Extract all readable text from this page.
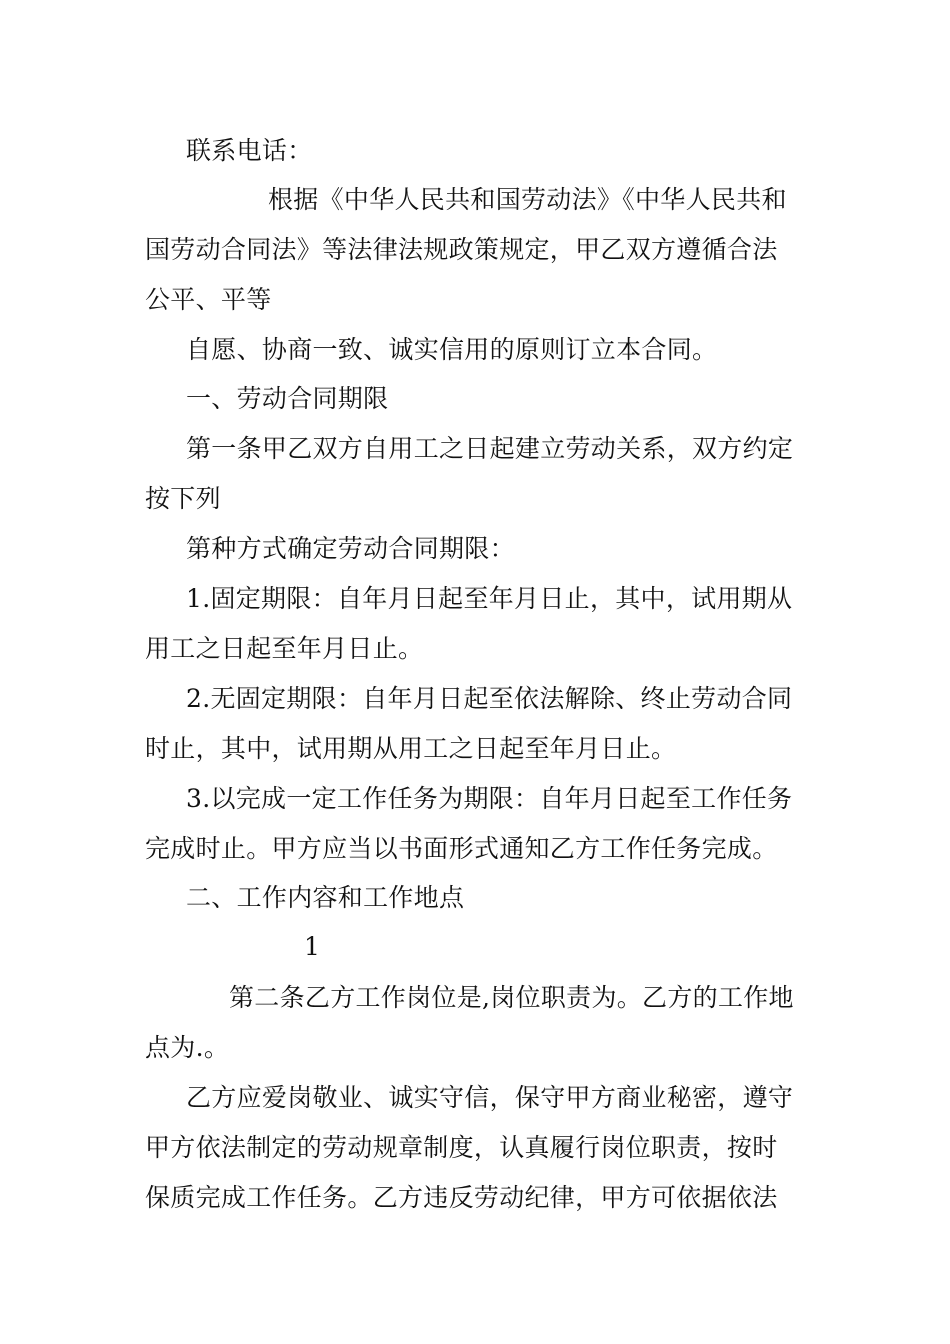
联系电话：
根据《中华人民共和国劳动法》《中华人民共和
国劳动合同法》等法律法规政策规定，甲乙双方遵循合法
公平、平等
自愿、协商一致、诚实信用的原则订立本合同。
一、劳动合同期限
第一条甲乙双方自用工之日起建立劳动关系，双方约定
按下列
第种方式确定劳动合同期限：
1.固定期限：自年月日起至年月日止，其中，试用期从
用工之日起至年月日止。
2.无固定期限：自年月日起至依法解除、终止劳动合同
时止，其中，试用期从用工之日起至年月日止。
3.以完成一定工作任务为期限：自年月日起至工作任务
完成时止。甲方应当以书面形式通知乙方工作任务完成。
二、工作内容和工作地点
1
第二条乙方工作岗位是,岗位职责为。乙方的工作地
点为.。
乙方应爱岗敬业、诚实守信，保守甲方商业秘密，遵守
甲方依法制定的劳动规章制度，认真履行岗位职责，按时
保质完成工作任务。乙方违反劳动纪律，甲方可依据依法
